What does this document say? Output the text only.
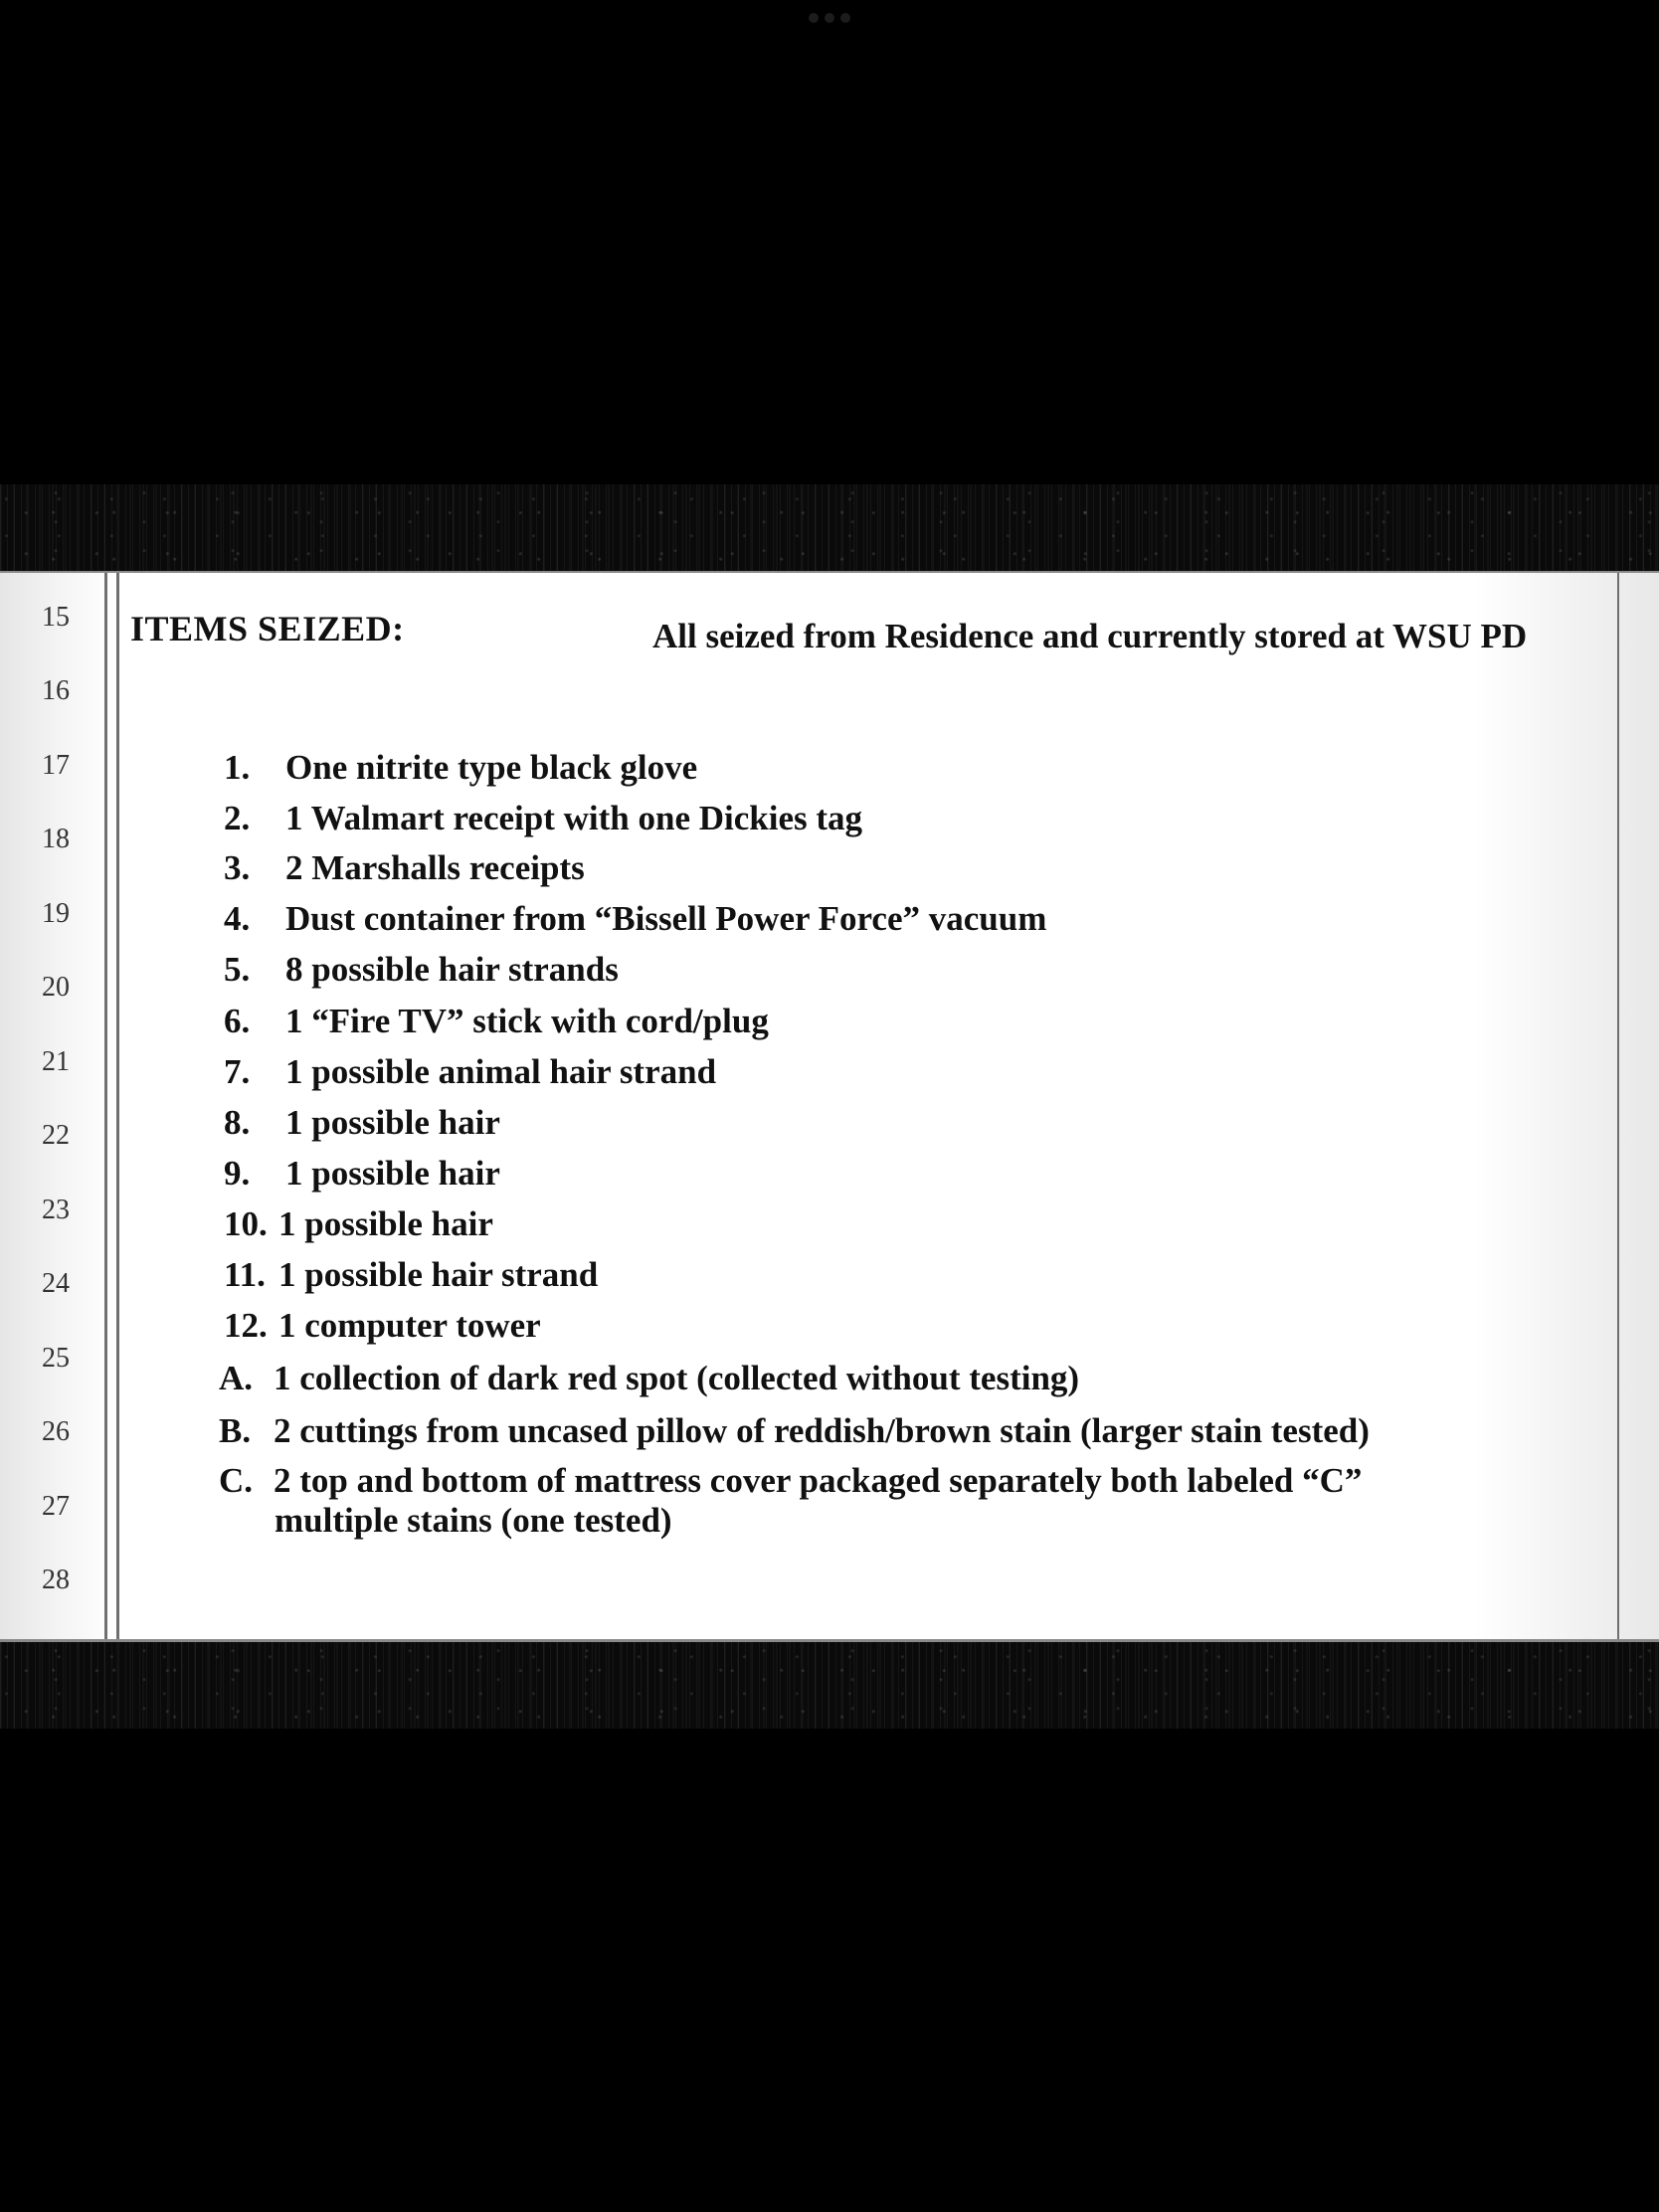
15
16
17
18
19
20
21
22
23
24
25
26
27
28
ITEMS SEIZED:	All seized from Residence and currently stored at WSU PD
1.	One nitrite type black glove
2.	1 Walmart receipt with one Dickies tag
3.	2 Marshalls receipts
4.	Dust container from “Bissell Power Force” vacuum
5.	8 possible hair strands
6.	1 “Fire TV” stick with cord/plug
7.	1 possible animal hair strand
8.	1 possible hair
9.	1 possible hair
10. 1 possible hair
11. 1 possible hair strand
12. 1 computer tower
A. 1 collection of dark red spot (collected without testing)
B. 2 cuttings from uncased pillow of reddish/brown stain (larger stain tested)
C. 2 top and bottom of mattress cover packaged separately both labeled “C”
multiple stains (one tested)
